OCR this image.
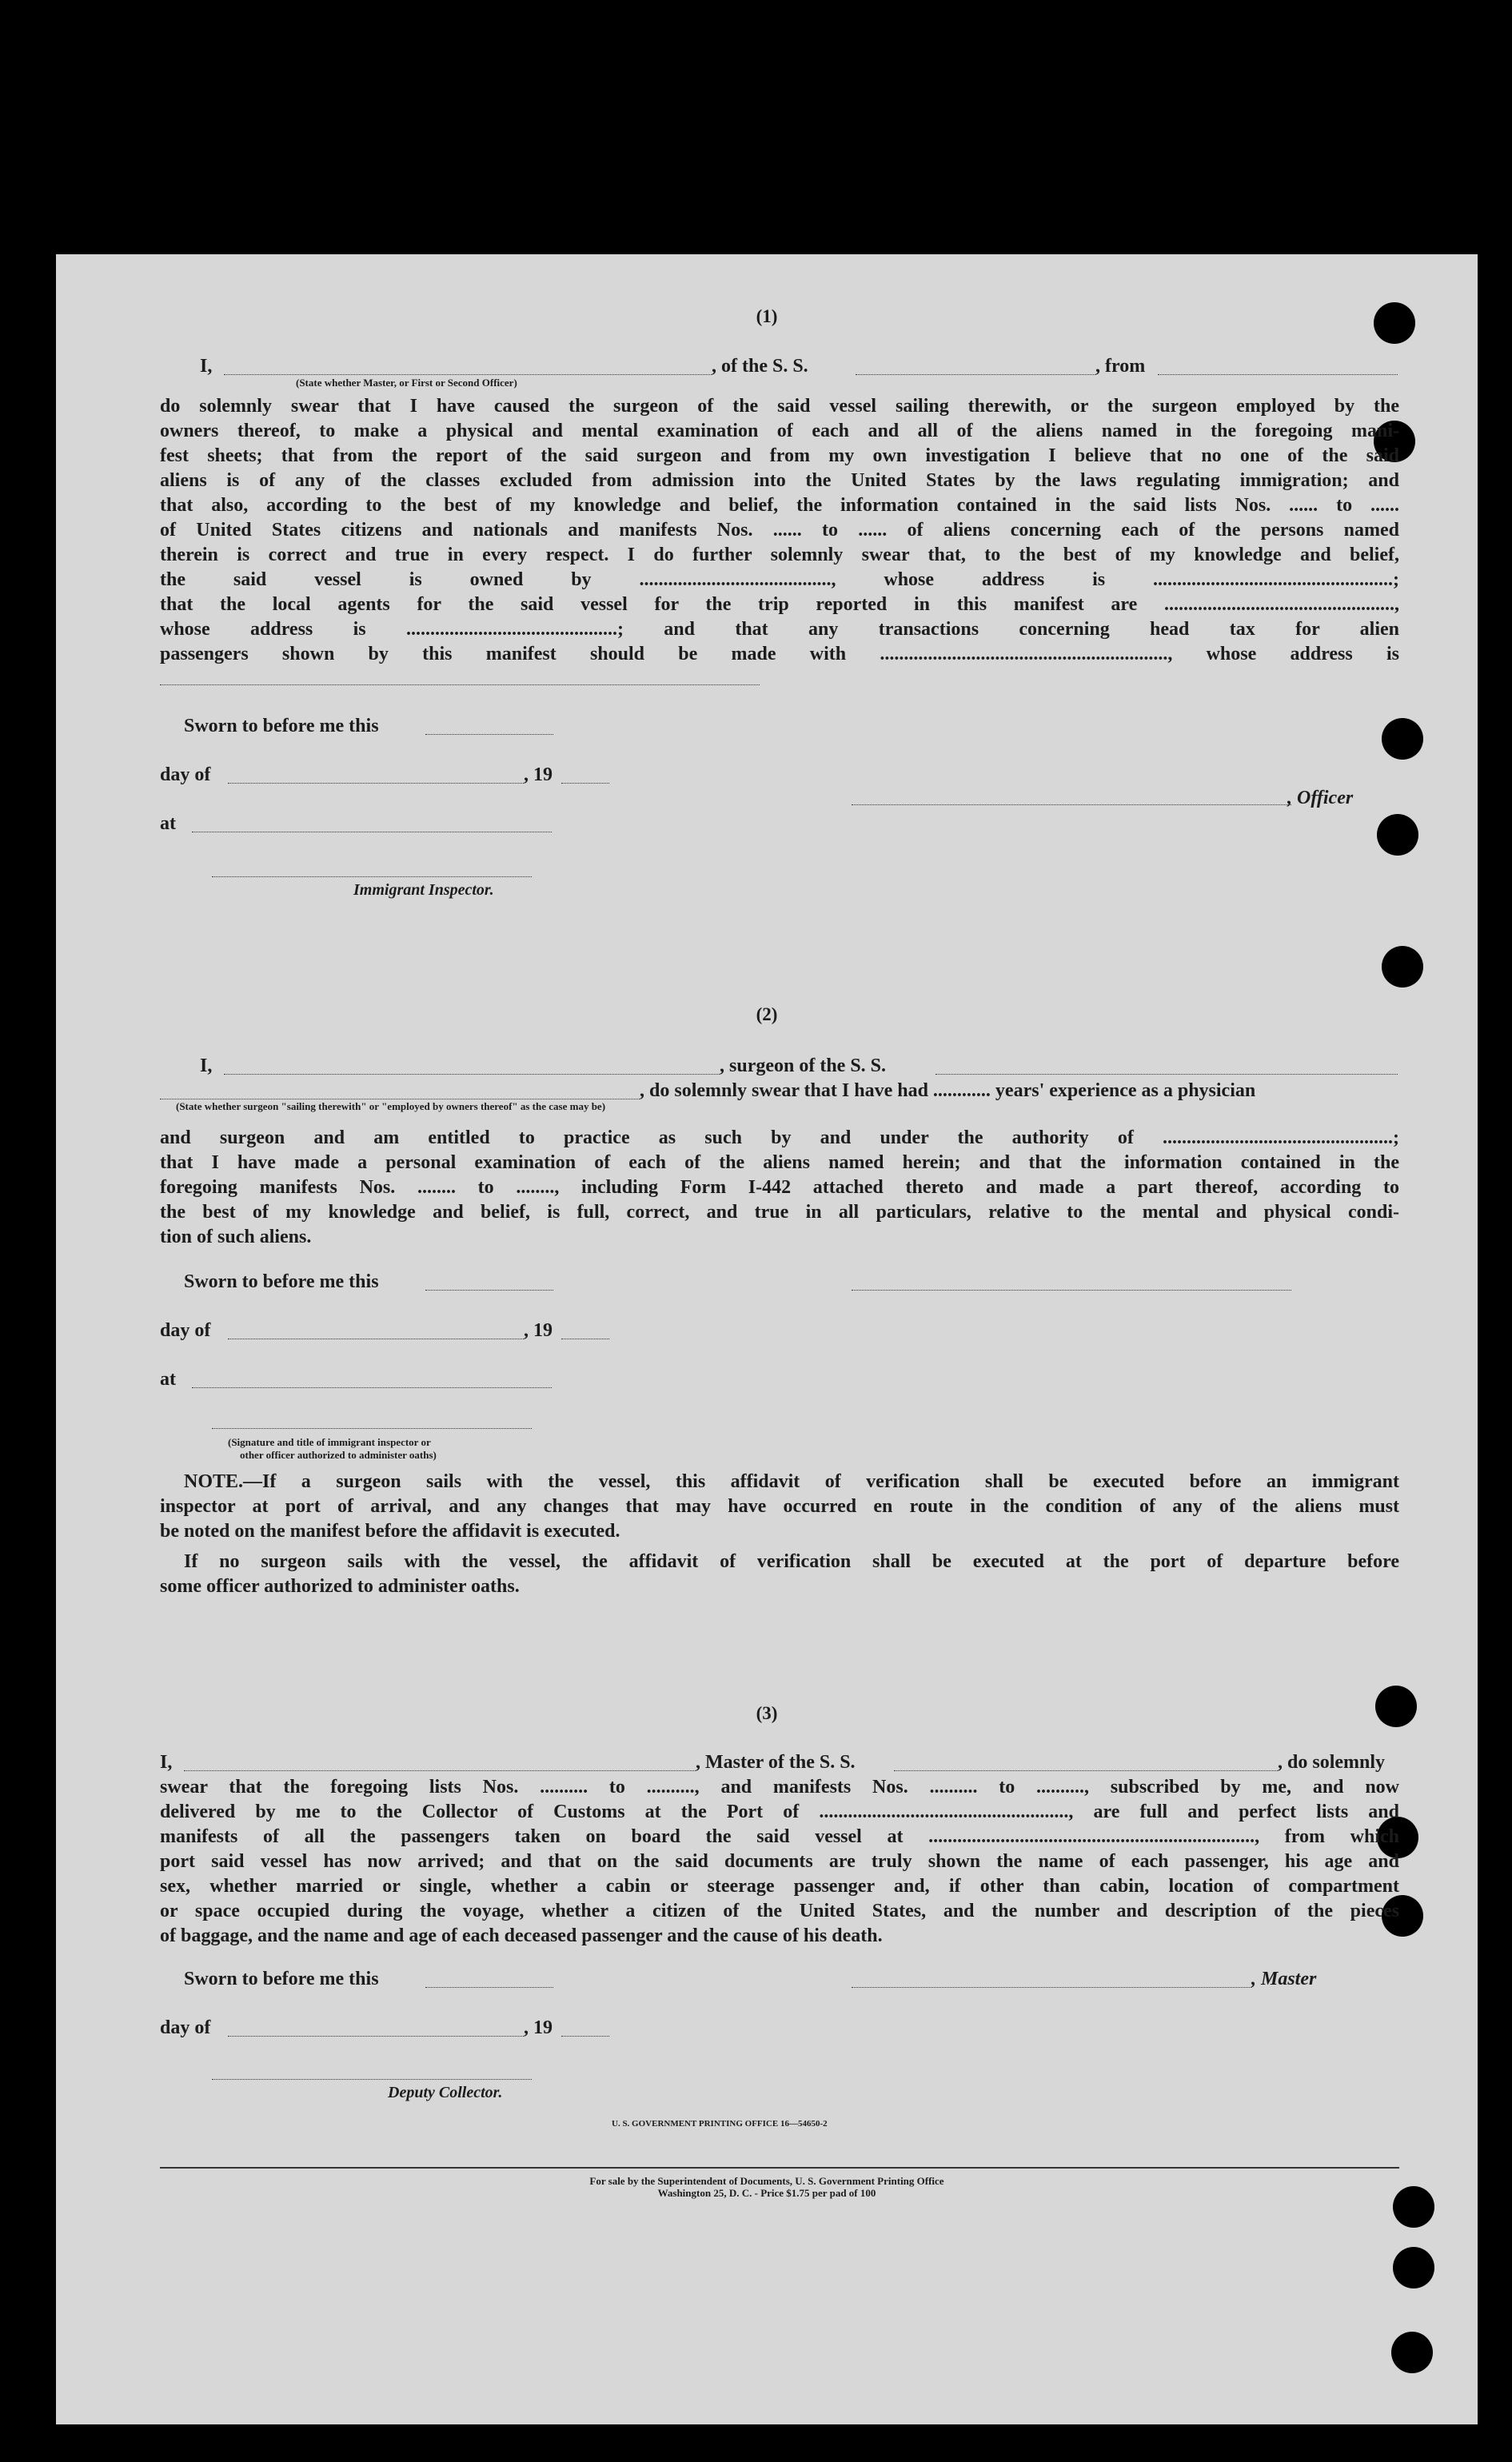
(1)
I,	, of the S. S.	, from
(State whether Master, or First or Second Officer)
do solemnly swear that I have caused the surgeon of the said vessel sailing therewith, or the surgeon employed by the
owners thereof, to make a physical and mental examination of each and all of the aliens named in the foregoing mani-
fest sheets; that from the report of the said surgeon and from my own investigation I believe that no one of the said
aliens is of any of the classes excluded from admission into the United States by the laws regulating immigration; and
that also, according to the best of my knowledge and belief, the information contained in the said lists Nos. ...... to ......
of United States citizens and nationals and manifests Nos. ...... to ...... of aliens concerning each of the persons named
therein is correct and true in every respect. I do further solemnly swear that, to the best of my knowledge and belief,
the said vessel is owned by ........................................, whose address is ..................................................;
that the local agents for the said vessel for the trip reported in this manifest are ................................................,
whose address is ............................................; and that any transactions concerning head tax for alien
passengers shown by this manifest should be made with ............................................................, whose address is
Sworn to before me this
day of	, 19
at
, Officer
Immigrant Inspector.
(2)
I,	, surgeon of the S. S.
, do solemnly swear that I have had ............ years' experience as a physician
(State whether surgeon "sailing therewith" or "employed by owners thereof" as the case may be)
and surgeon and am entitled to practice as such by and under the authority of ................................................;
that I have made a personal examination of each of the aliens named herein; and that the information contained in the
foregoing manifests Nos. ........ to ........, including Form I-442 attached thereto and made a part thereof, according to
the best of my knowledge and belief, is full, correct, and true in all particulars, relative to the mental and physical condi-
tion of such aliens.
Sworn to before me this
day of	, 19
at
(Signature and title of immigrant inspector or
other officer authorized to administer oaths)
NOTE.—If a surgeon sails with the vessel, this affidavit of verification shall be executed before an immigrant
inspector at port of arrival, and any changes that may have occurred en route in the condition of any of the aliens must
be noted on the manifest before the affidavit is executed.
If no surgeon sails with the vessel, the affidavit of verification shall be executed at the port of departure before
some officer authorized to administer oaths.
(3)
I,	, Master of the S. S.	, do solemnly
swear that the foregoing lists Nos. .......... to .........., and manifests Nos. .......... to .........., subscribed by me, and now
delivered by me to the Collector of Customs at the Port of ...................................................., are full and perfect lists and
manifests of all the passengers taken on board the said vessel at ...................................................................., from which
port said vessel has now arrived; and that on the said documents are truly shown the name of each passenger, his age and
sex, whether married or single, whether a cabin or steerage passenger and, if other than cabin, location of compartment
or space occupied during the voyage, whether a citizen of the United States, and the number and description of the pieces
of baggage, and the name and age of each deceased passenger and the cause of his death.
Sworn to before me this	, Master
day of	, 19
Deputy Collector.
U. S. GOVERNMENT PRINTING OFFICE 16—54650-2
For sale by the Superintendent of Documents, U. S. Government Printing Office
Washington 25, D. C. - Price $1.75 per pad of 100
